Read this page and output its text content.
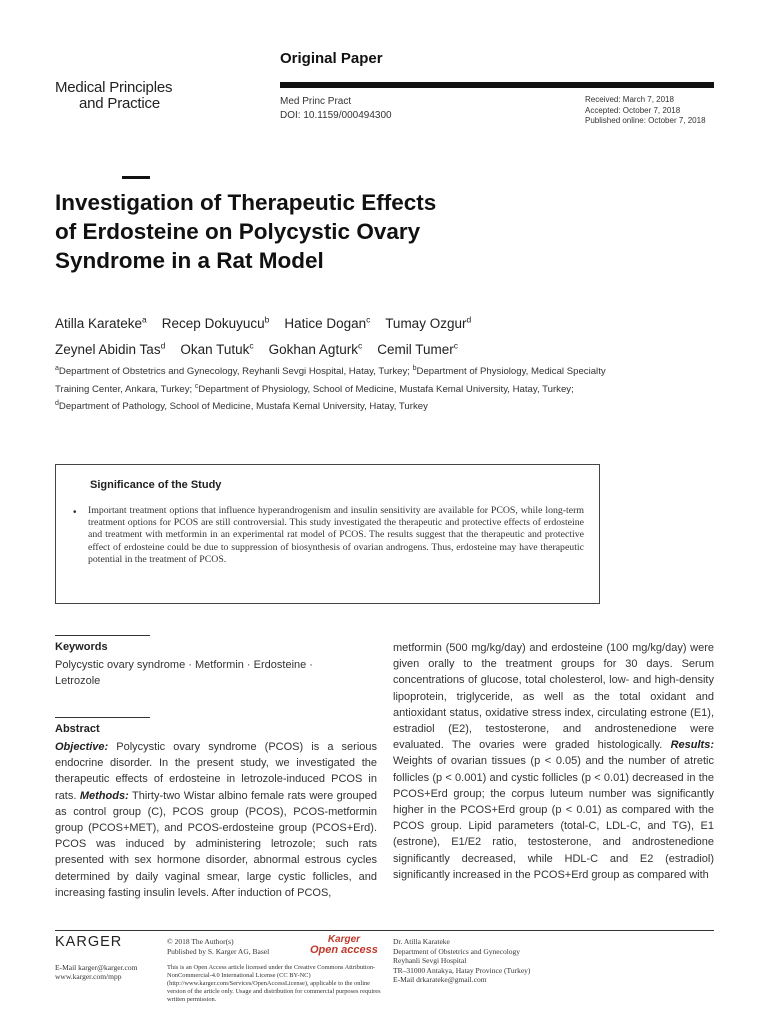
Medical Principles
and Practice
Original Paper
Med Princ Pract
DOI: 10.1159/000494300
Received: March 7, 2018
Accepted: October 7, 2018
Published online: October 7, 2018
Investigation of Therapeutic Effects
of Erdosteine on Polycystic Ovary
Syndrome in a Rat Model
Atilla Karateke$^a$ Recep Dokuyucu$^b$ Hatice Dogan$^c$ Tumay Ozgur$^d$
Zeynel Abidin Tas$^d$ Okan Tutuk$^c$ Gokhan Agturk$^c$ Cemil Tumer$^c$
$^a$Department of Obstetrics and Gynecology, Reyhanli Sevgi Hospital, Hatay, Turkey; $^b$Department of Physiology, Medical Specialty Training Center, Ankara, Turkey; $^c$Department of Physiology, School of Medicine, Mustafa Kemal University, Hatay, Turkey; $^d$Department of Pathology, School of Medicine, Mustafa Kemal University, Hatay, Turkey
Significance of the Study
• Important treatment options that influence hyperandrogenism and insulin sensitivity are available for PCOS, while long-term treatment options for PCOS are still controversial. This study investigated the therapeutic and protective effects of erdosteine and treatment with metformin in an experimental rat model of PCOS. The results suggest that the therapeutic and protective effect of erdosteine could be due to suppression of biosynthesis of ovarian androgens. Thus, erdosteine may have therapeutic potential in the treatment of PCOS.
Keywords
Polycystic ovary syndrome · Metformin · Erdosteine · Letrozole
Abstract
Objective: Polycystic ovary syndrome (PCOS) is a serious endocrine disorder. In the present study, we investigated the therapeutic effects of erdosteine in letrozole-induced PCOS in rats. Methods: Thirty-two Wistar albino female rats were grouped as control group (C), PCOS group (PCOS), PCOS-metformin group (PCOS+MET), and PCOS-erdosteine group (PCOS+Erd). PCOS was induced by administering letrozole; such rats presented with sex hormone disorder, abnormal estrous cycles determined by daily vaginal smear, large cystic follicles, and increasing fasting insulin levels. After induction of PCOS,
metformin (500 mg/kg/day) and erdosteine (100 mg/kg/day) were given orally to the treatment groups for 30 days. Serum concentrations of glucose, total cholesterol, low- and high-density lipoprotein, triglyceride, as well as the total oxidant and antioxidant status, oxidative stress index, circulating estrone (E1), estradiol (E2), testosterone, and androstenedione were evaluated. The ovaries were graded histologically. Results: Weights of ovarian tissues (p < 0.05) and the number of atretic follicles (p < 0.001) and cystic follicles (p < 0.01) decreased in the PCOS+Erd group; the corpus luteum number was significantly higher in the PCOS+Erd group (p < 0.01) as compared with the PCOS group. Lipid parameters (total-C, LDL-C, and TG), E1 (estrone), E1/E2 ratio, testosterone, and androstenedione significantly decreased, while HDL-C and E2 (estradiol) significantly increased in the PCOS+Erd group as compared with
KARGER
E-Mail karger@karger.com
www.karger.com/mpp
© 2018 The Author(s)
Published by S. Karger AG, Basel
Karger
Open access
This is an Open Access article licensed under the Creative Commons Attribution-NonCommercial-4.0 International License (CC BY-NC) (http://www.karger.com/Services/OpenAccessLicense), applicable to the online version of the article only. Usage and distribution for commercial purposes requires written permission.
Dr. Atilla Karateke
Department of Obstetrics and Gynecology
Reyhanli Sevgi Hospital
TR–31000 Antakya, Hatay Province (Turkey)
E-Mail drkarateke@gmail.com
